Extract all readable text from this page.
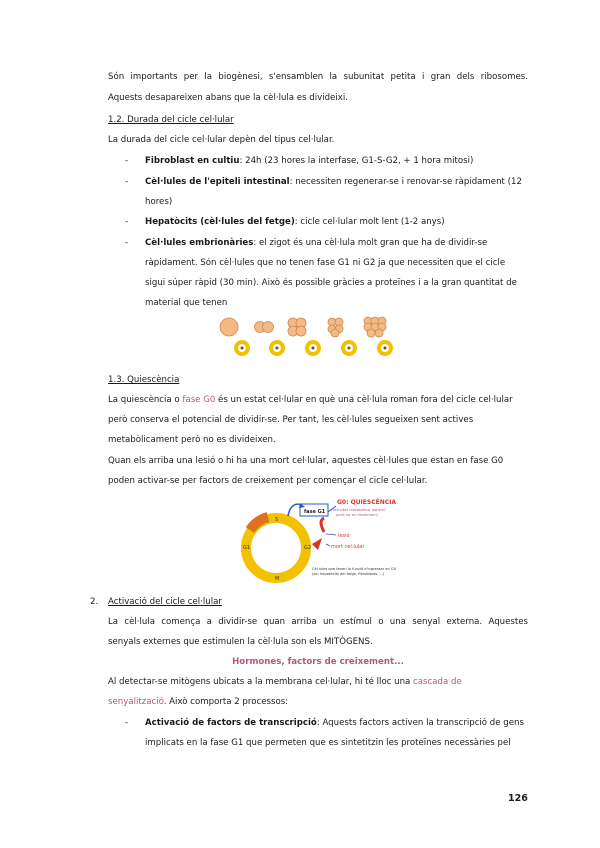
Són importants per la biogènesi, s'ensamblen la subunitat petita i gran dels ribosomes.

Aquests desapareixen abans que la cèl·lula es divideixi.

1.2. Durada del cicle cel·lular

La durada del cicle cel·lular depèn del tipus cel·lular.

- Fibroblast en cultiu: 24h (23 hores la interfase, G1-S-G2, + 1 hora mitosi)
- Cèl·lules de l'epiteli intestinal: necessiten regenerar-se i renovar-se ràpidament (12
hores)
- Hepatòcits (cèl·lules del fetge): cicle cel·lular molt lent (1-2 anys)
- Cèl·lules embrionàries: el zigot és una cèl·lula molt gran que ha de dividir-se
ràpidament. Són cèl·lules que no tenen fase G1 ni G2 ja que necessiten que el cicle
sigui súper ràpid (30 min). Això és possible gràcies a proteïnes i a la gran quantitat de
material que tenen

1.3. Quiescència

La quiescència o fase G0 és un estat cel·lular en què una cèl·lula roman fora del cicle cel·lular

però conserva el potencial de dividir-se. Per tant, les cèl·lules segueixen sent actives

metabòlicament però no es divideixen.

Quan els arriba una lesió o hi ha una mort cel·lular, aquestes cèl·lules que estan en fase G0

poden activar-se per factors de creixement per començar el cicle cel·lular.

S
G2
M
G1
fase G1
G0: QUIESCÈNCIA
(activitat metabòlica normal,
però no es divideixen)
lesió
mort cel·lular
Cèl·lules que tenen la funció d'ingressar en G0
(ex: hepatòcits del fetge, fibroblasts, ...)
2. Activació del cicle cel·lular

La cèl·lula comença a dividir-se quan arriba un estímul o una senyal externa. Aquestes

senyals externes que estimulen la cèl·lula son els MITÒGENS.

Hormones, factors de creixement...

Al detectar-se mitògens ubicats a la membrana cel·lular, hi té lloc una cascada de

senyalització. Això comporta 2 processos:

- Activació de factors de transcripció: Aquests factors activen la transcripció de gens
implicats en la fase G1 que permeten que es sintetitzin les proteïnes necessàries pel
126
